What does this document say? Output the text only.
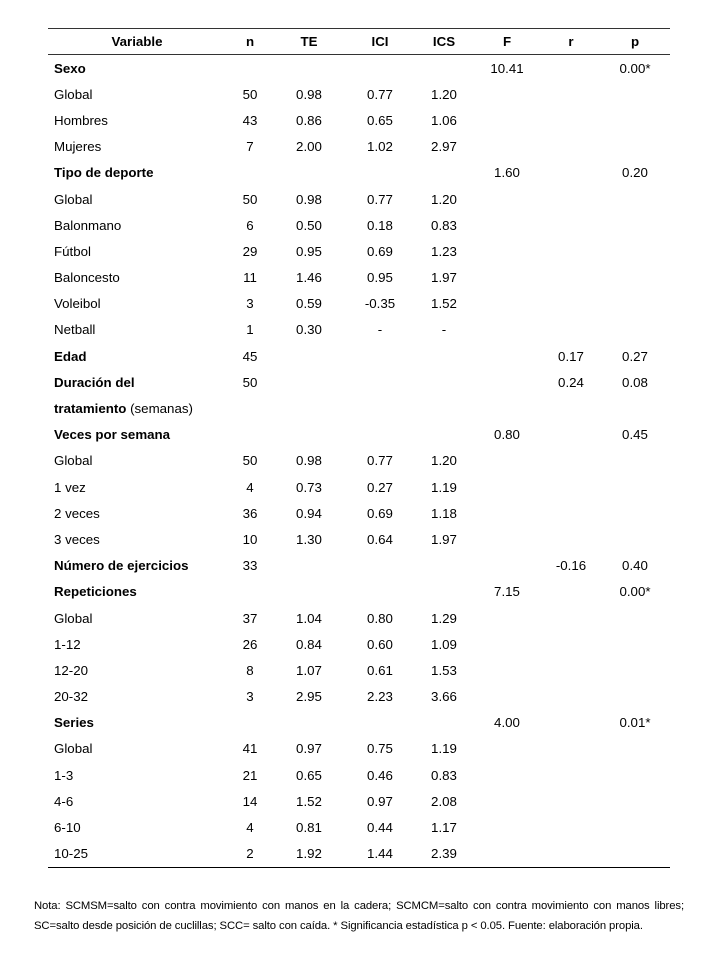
Variable	n	TE	ICI	ICS	F	r	p
Sexo					10.41		0.00*
Global	50	0.98	0.77	1.20			
Hombres	43	0.86	0.65	1.06			
Mujeres	7	2.00	1.02	2.97			
Tipo de deporte					1.60		0.20
Global	50	0.98	0.77	1.20			
Balonmano	6	0.50	0.18	0.83			
Fútbol	29	0.95	0.69	1.23			
Baloncesto	11	1.46	0.95	1.97			
Voleibol	3	0.59	-0.35	1.52			
Netball	1	0.30	-	-			
Edad	45					0.17	0.27
Duración del	50					0.24	0.08
tratamiento (semanas)							
Veces por semana					0.80		0.45
Global	50	0.98	0.77	1.20			
1 vez	4	0.73	0.27	1.19			
2 veces	36	0.94	0.69	1.18			
3 veces	10	1.30	0.64	1.97			
Número de ejercicios	33					-0.16	0.40
Repeticiones					7.15		0.00*
Global	37	1.04	0.80	1.29			
1-12	26	0.84	0.60	1.09			
12-20	8	1.07	0.61	1.53			
20-32	3	2.95	2.23	3.66			
Series					4.00		0.01*
Global	41	0.97	0.75	1.19			
1-3	21	0.65	0.46	0.83			
4-6	14	1.52	0.97	2.08			
6-10	4	0.81	0.44	1.17			
10-25	2	1.92	1.44	2.39			
Nota: SCMSM=salto con contra movimiento con manos en la cadera; SCMCM=salto con contra movimiento con manos libres; SC=salto desde posición de cuclillas; SCC= salto con caída. * Significancia estadística p < 0.05. Fuente: elaboración propia.
